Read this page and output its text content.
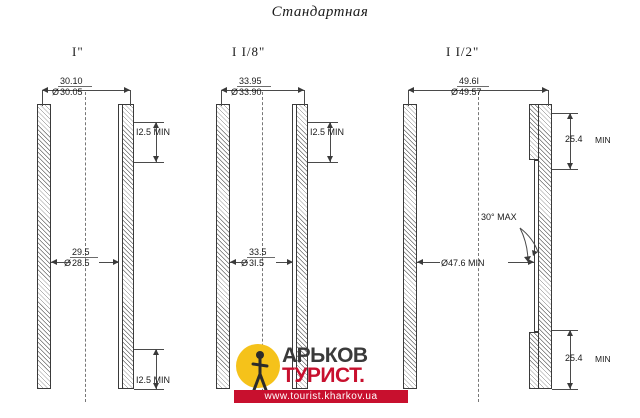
Стандартная
I"	I I/8"	I I/2"
30.10
Ø 30.05
29.5
Ø 28.5
I2.5 MIN
I2.5 MIN
33.95
Ø 33.90
33.5
Ø 3I.5
I2.5 MIN
49.6I
Ø 49.57
25.4 MIN
25.4 MIN
30° MAX
Ø47.6 MIN
АРЬКОВ
ТУРИСТ.
www.tourist.kharkov.ua
